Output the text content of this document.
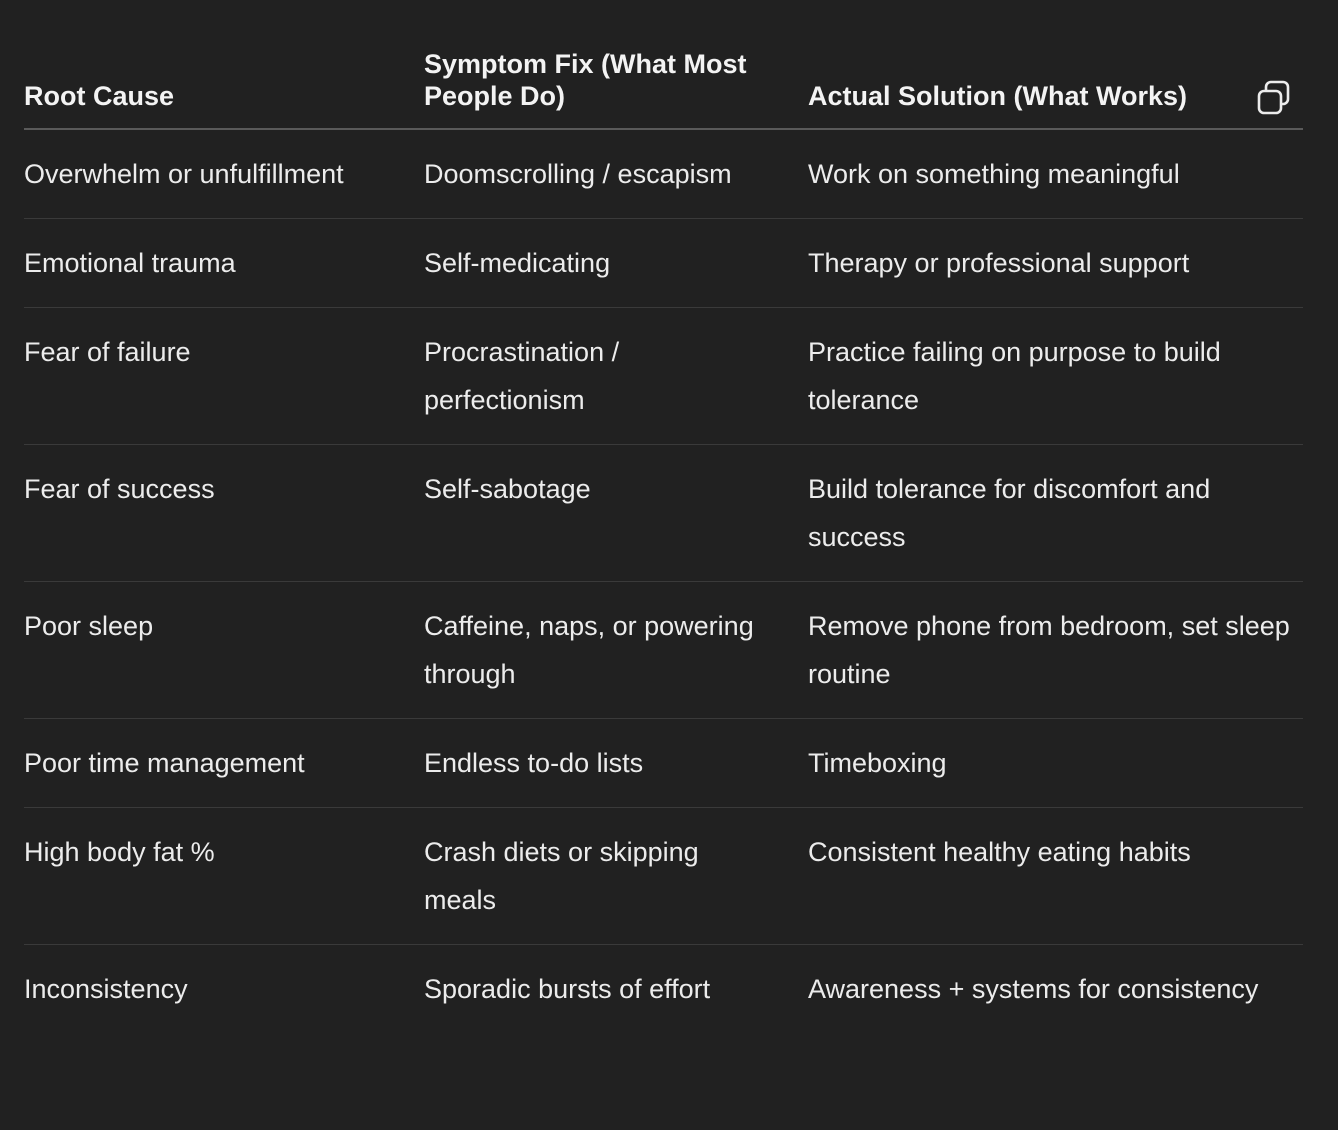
Root Cause	Symptom Fix (What Most People Do)	Actual Solution (What Works)
Overwhelm or unfulfillment	Doomscrolling / escapism	Work on something meaningful
Emotional trauma	Self-medicating	Therapy or professional support
Fear of failure	Procrastination / perfectionism	Practice failing on purpose to build tolerance
Fear of success	Self-sabotage	Build tolerance for discomfort and success
Poor sleep	Caffeine, naps, or powering through	Remove phone from bedroom, set sleep routine
Poor time management	Endless to-do lists	Timeboxing
High body fat %	Crash diets or skipping meals	Consistent healthy eating habits
Inconsistency	Sporadic bursts of effort	Awareness + systems for consistency
